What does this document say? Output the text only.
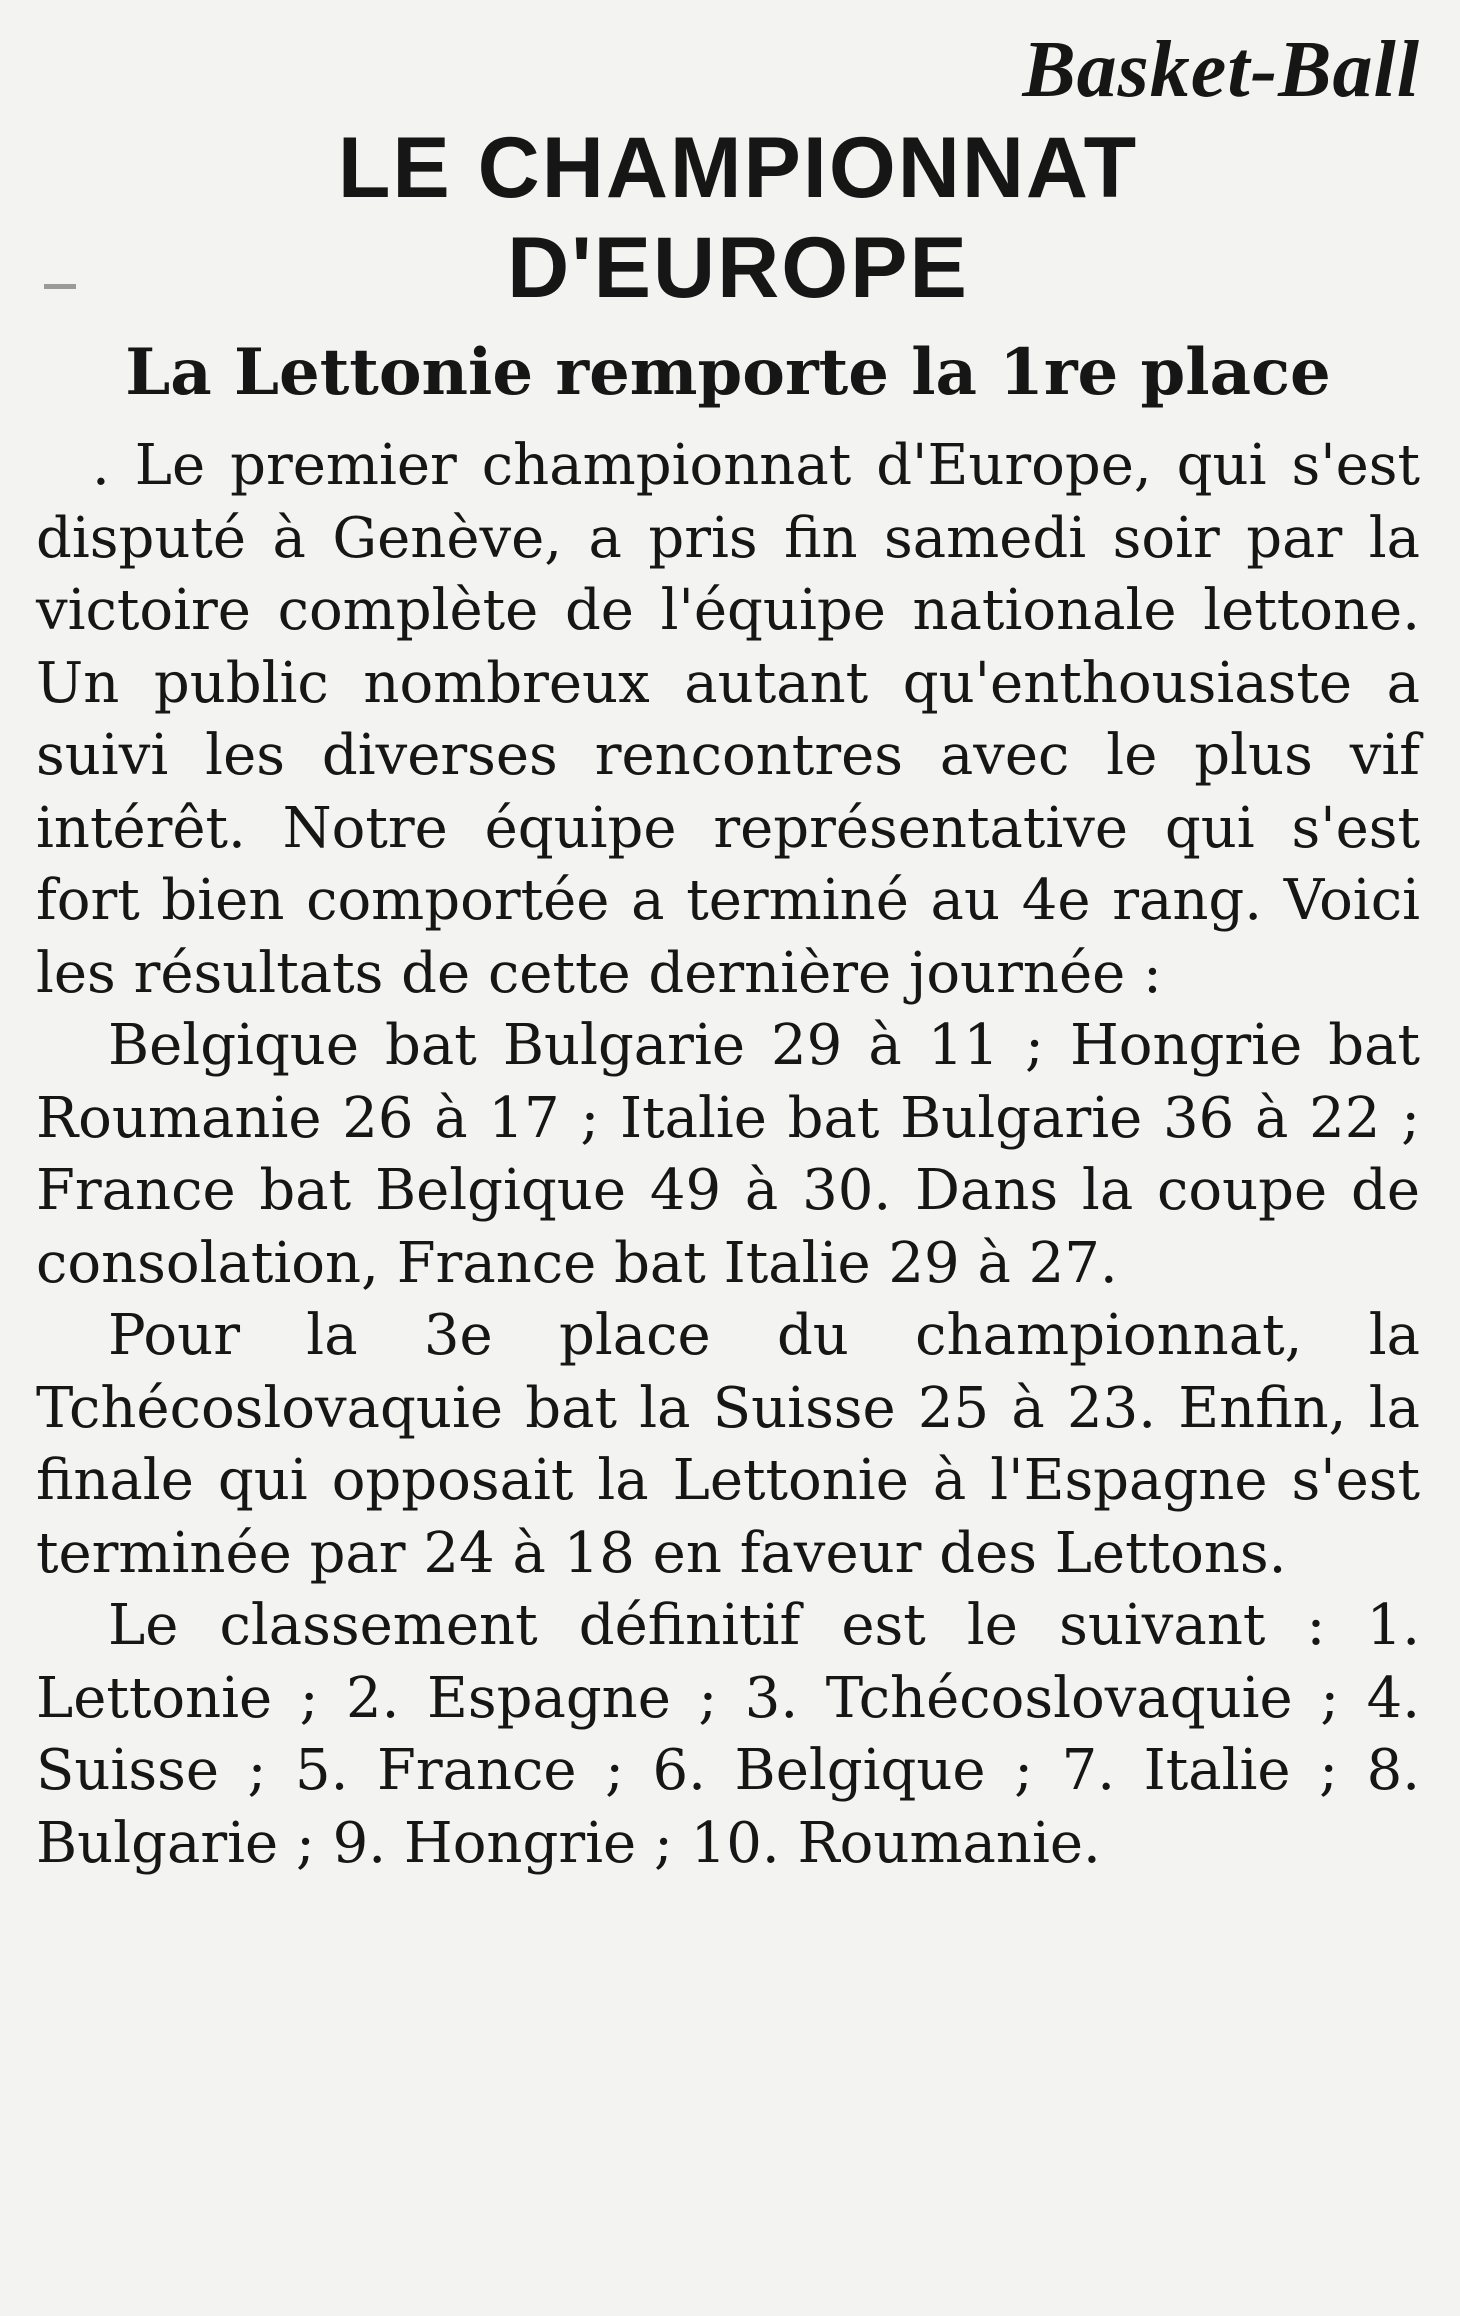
Basket-Ball
LE CHAMPIONNAT
D'EUROPE
La Lettonie remporte la 1re place

. Le premier championnat d'Europe, qui s'est disputé à Genève, a pris fin samedi soir par la victoire complète de l'équipe nationale lettone. Un public nombreux autant qu'enthousiaste a suivi les diverses rencontres avec le plus vif intérêt. Notre équipe représentative qui s'est fort bien comportée a terminé au 4e rang. Voici les résultats de cette dernière journée :

Belgique bat Bulgarie 29 à 11 ; Hongrie bat Roumanie 26 à 17 ; Italie bat Bulgarie 36 à 22 ; France bat Belgique 49 à 30. Dans la coupe de consolation, France bat Italie 29 à 27.

Pour la 3e place du championnat, la Tchécoslovaquie bat la Suisse 25 à 23. Enfin, la finale qui opposait la Lettonie à l'Espagne s'est terminée par 24 à 18 en faveur des Lettons.

Le classement définitif est le suivant : 1. Lettonie ; 2. Espagne ; 3. Tchécoslovaquie ; 4. Suisse ; 5. France ; 6. Belgique ; 7. Italie ; 8. Bulgarie ; 9. Hongrie ; 10. Roumanie.
